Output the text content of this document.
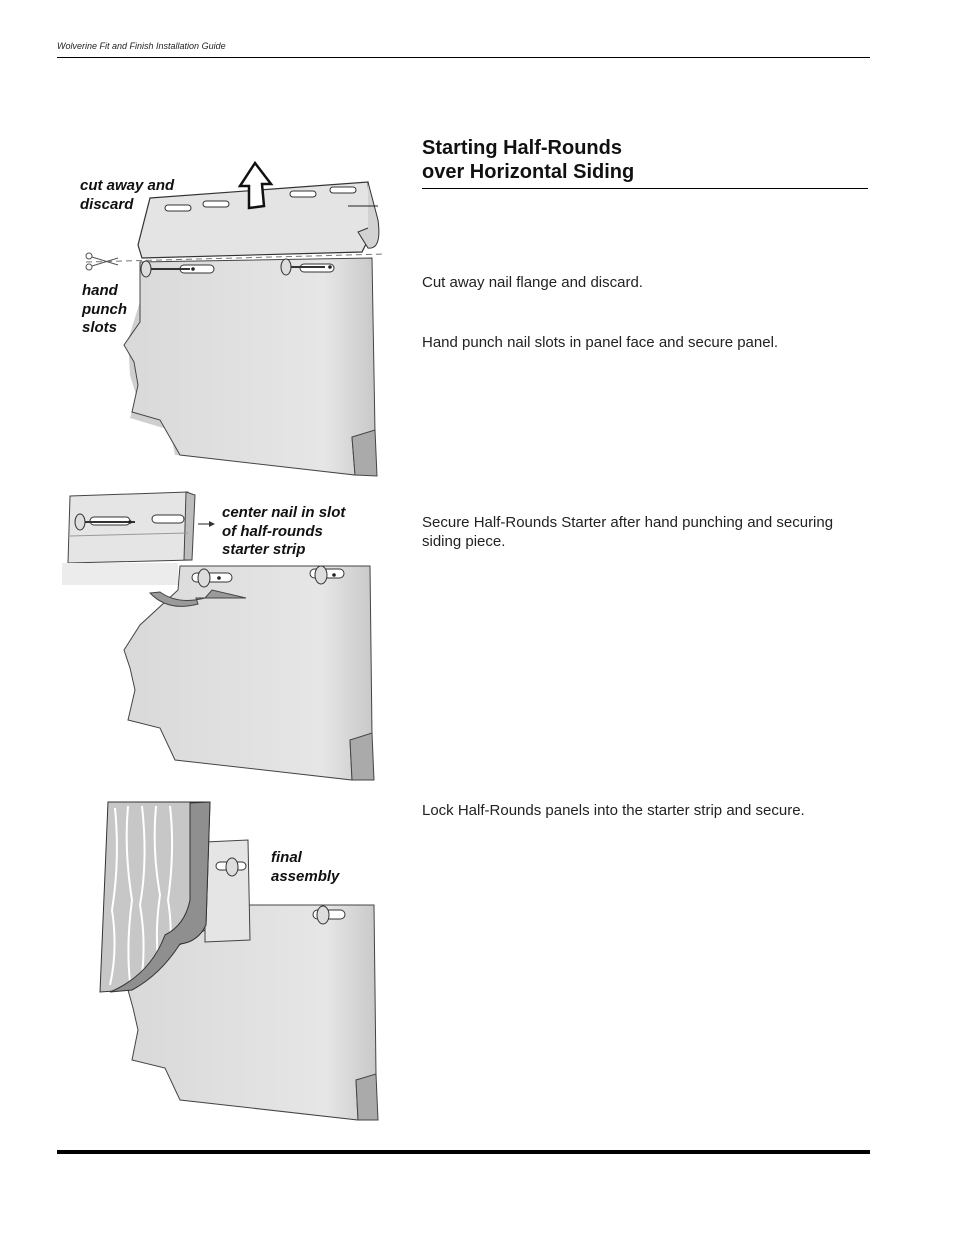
Wolverine Fit and Finish Installation Guide
Starting Half-Rounds
over Horizontal Siding
Cut away nail flange and discard.
Hand punch nail slots in panel face and secure panel.
Secure Half-Rounds Starter after hand punching and securing siding piece.
Lock Half-Rounds panels into the starter strip and secure.
cut away and
discard
hand
punch
slots
center nail in slot
of half-rounds
starter strip
final
assembly
